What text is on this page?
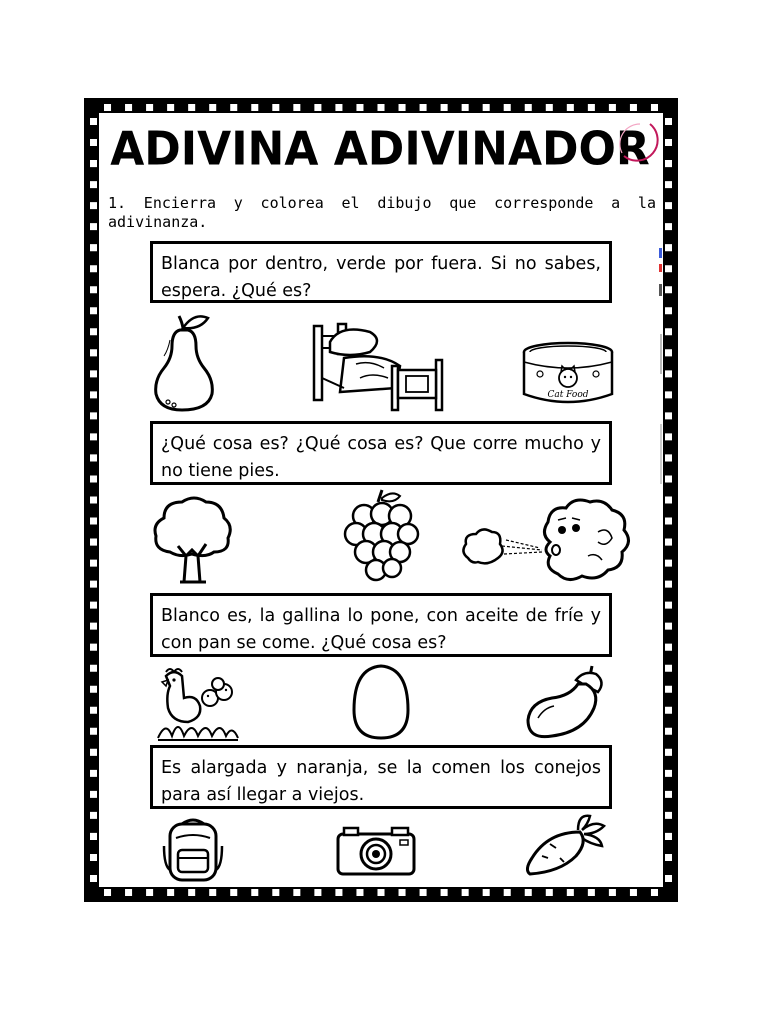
ADIVINA ADIVINADOR

1. Encierra y colorea el dibujo que corresponde a la adivinanza.

Blanca por dentro, verde por fuera. Si no sabes, espera. ¿Qué es?
Cat Food
¿Qué cosa es? ¿Qué cosa es? Que corre mucho y no tiene pies.
Blanco es, la gallina lo pone, con aceite de fríe y con pan se come. ¿Qué cosa es?
Es alargada y naranja, se la comen los conejos para así llegar a viejos.
